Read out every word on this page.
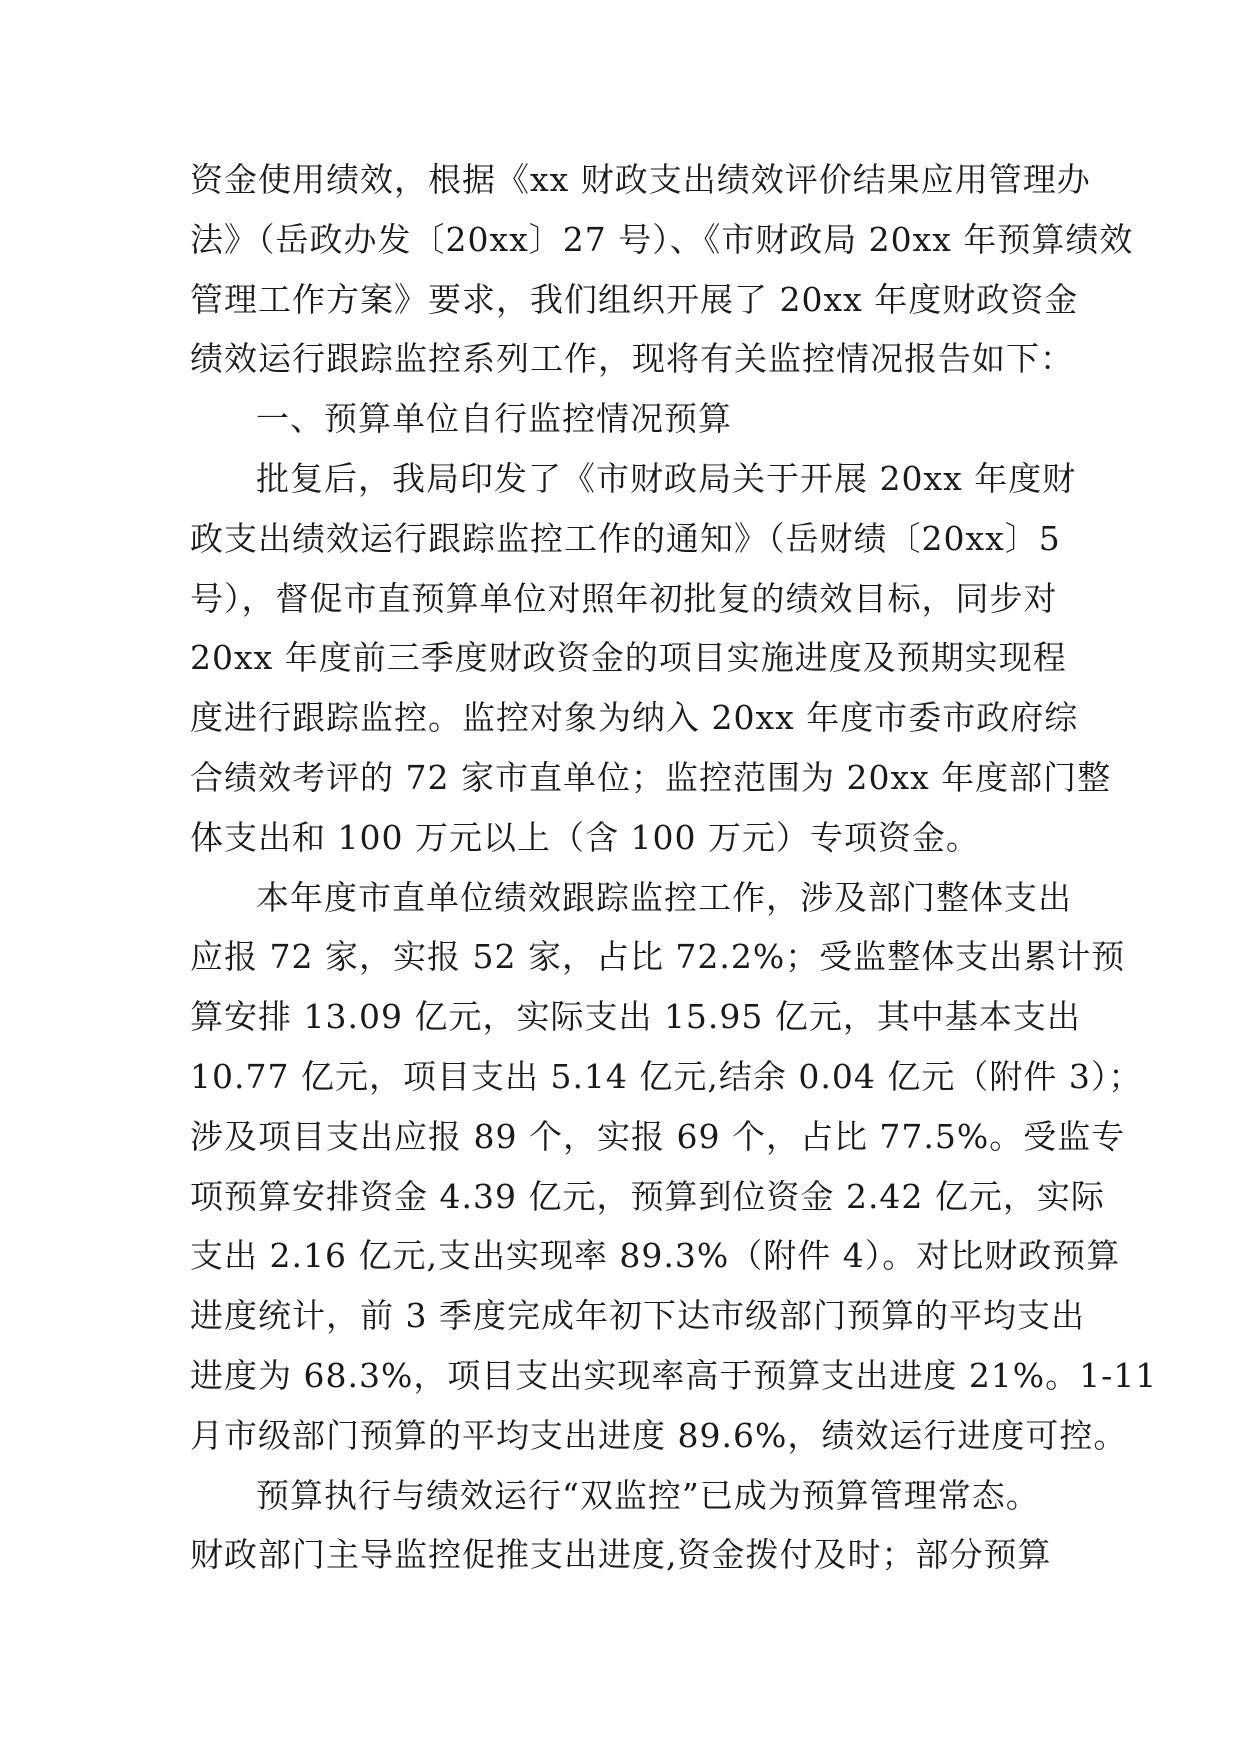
资金使用绩效，根据《xx 财政支出绩效评价结果应用管理办
法》（岳政办发〔20xx〕27 号）、《市财政局 20xx 年预算绩效
管理工作方案》要求，我们组织开展了 20xx 年度财政资金
绩效运行跟踪监控系列工作，现将有关监控情况报告如下：
一、预算单位自行监控情况预算
批复后，我局印发了《市财政局关于开展 20xx 年度财
政支出绩效运行跟踪监控工作的通知》（岳财绩〔20xx〕5
号），督促市直预算单位对照年初批复的绩效目标，同步对
20xx 年度前三季度财政资金的项目实施进度及预期实现程
度进行跟踪监控。监控对象为纳入 20xx 年度市委市政府综
合绩效考评的 72 家市直单位；监控范围为 20xx 年度部门整
体支出和 100 万元以上（含 100 万元）专项资金。
本年度市直单位绩效跟踪监控工作，涉及部门整体支出
应报 72 家，实报 52 家，占比 72.2%；受监整体支出累计预
算安排 13.09 亿元，实际支出 15.95 亿元，其中基本支出
10.77 亿元，项目支出 5.14 亿元,结余 0.04 亿元（附件 3）；
涉及项目支出应报 89 个，实报 69 个，占比 77.5%。受监专
项预算安排资金 4.39 亿元，预算到位资金 2.42 亿元，实际
支出 2.16 亿元,支出实现率 89.3%（附件 4）。对比财政预算
进度统计，前 3 季度完成年初下达市级部门预算的平均支出
进度为 68.3%，项目支出实现率高于预算支出进度 21%。1-11
月市级部门预算的平均支出进度 89.6%，绩效运行进度可控。
预算执行与绩效运行“双监控”已成为预算管理常态。
财政部门主导监控促推支出进度,资金拨付及时；部分预算
